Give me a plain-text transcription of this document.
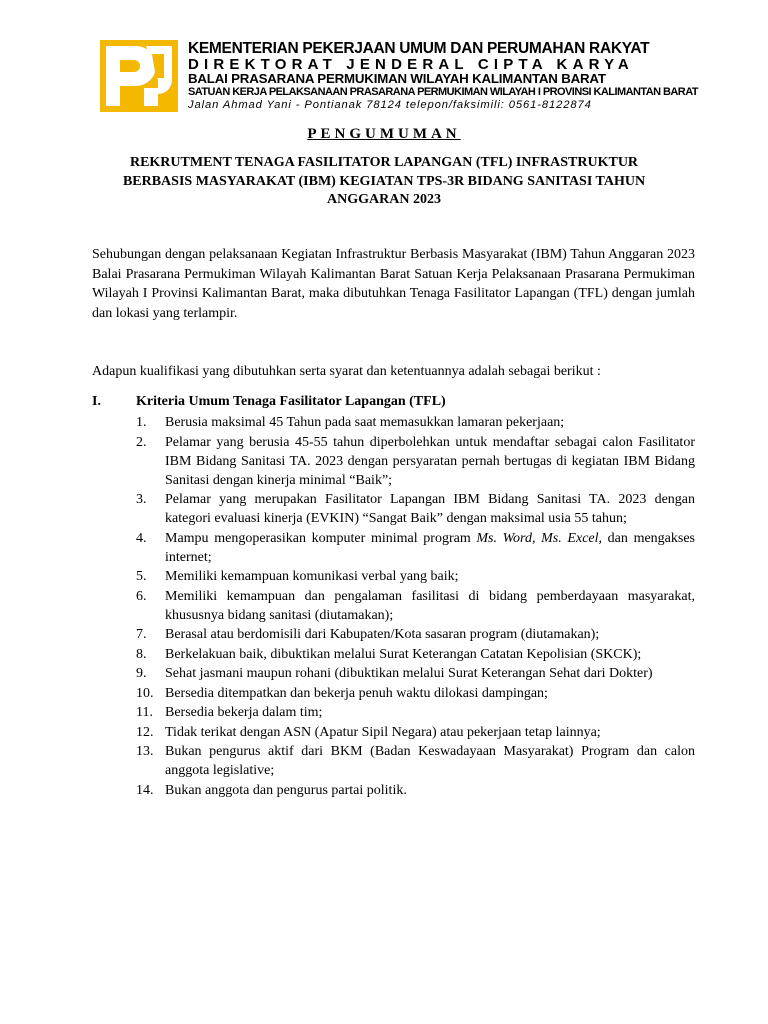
KEMENTERIAN PEKERJAAN UMUM DAN PERUMAHAN RAKYAT
DIREKTORAT JENDERAL CIPTA KARYA
BALAI PRASARANA PERMUKIMAN WILAYAH KALIMANTAN BARAT
SATUAN KERJA PELAKSANAAN PRASARANA PERMUKIMAN WILAYAH I PROVINSI KALIMANTAN BARAT
Jalan Ahmad Yani - Pontianak 78124 telepon/faksimili: 0561-8122874
PENGUMUMAN
REKRUTMENT TENAGA FASILITATOR LAPANGAN (TFL) INFRASTRUKTUR BERBASIS MASYARAKAT (IBM) KEGIATAN TPS-3R BIDANG SANITASI TAHUN ANGGARAN 2023
Sehubungan dengan pelaksanaan Kegiatan Infrastruktur Berbasis Masyarakat (IBM) Tahun Anggaran 2023 Balai Prasarana Permukiman Wilayah Kalimantan Barat Satuan Kerja Pelaksanaan Prasarana Permukiman Wilayah I Provinsi Kalimantan Barat, maka dibutuhkan Tenaga Fasilitator Lapangan (TFL) dengan jumlah dan lokasi yang terlampir.
Adapun kualifikasi yang dibutuhkan serta syarat dan ketentuannya adalah sebagai berikut :
I.	Kriteria Umum Tenaga Fasilitator Lapangan (TFL)
1.	Berusia maksimal 45 Tahun pada saat memasukkan lamaran pekerjaan;
2.	Pelamar yang berusia 45-55 tahun diperbolehkan untuk mendaftar sebagai calon Fasilitator IBM Bidang Sanitasi TA. 2023 dengan persyaratan pernah bertugas di kegiatan IBM Bidang Sanitasi dengan kinerja minimal “Baik”;
3.	Pelamar yang merupakan Fasilitator Lapangan IBM Bidang Sanitasi TA. 2023 dengan kategori evaluasi kinerja (EVKIN) “Sangat Baik” dengan maksimal usia 55 tahun;
4.	Mampu mengoperasikan komputer minimal program Ms. Word, Ms. Excel, dan mengakses internet;
5.	Memiliki kemampuan komunikasi verbal yang baik;
6.	Memiliki kemampuan dan pengalaman fasilitasi di bidang pemberdayaan masyarakat, khususnya bidang sanitasi (diutamakan);
7.	Berasal atau berdomisili dari Kabupaten/Kota sasaran program (diutamakan);
8.	Berkelakuan baik, dibuktikan melalui Surat Keterangan Catatan Kepolisian (SKCK);
9.	Sehat jasmani maupun rohani (dibuktikan melalui Surat Keterangan Sehat dari Dokter)
10. Bersedia ditempatkan dan bekerja penuh waktu dilokasi dampingan;
11. Bersedia bekerja dalam tim;
12. Tidak terikat dengan ASN (Apatur Sipil Negara) atau pekerjaan tetap lainnya;
13. Bukan pengurus aktif dari BKM (Badan Keswadayaan Masyarakat) Program dan calon anggota legislative;
14. Bukan anggota dan pengurus partai politik.
